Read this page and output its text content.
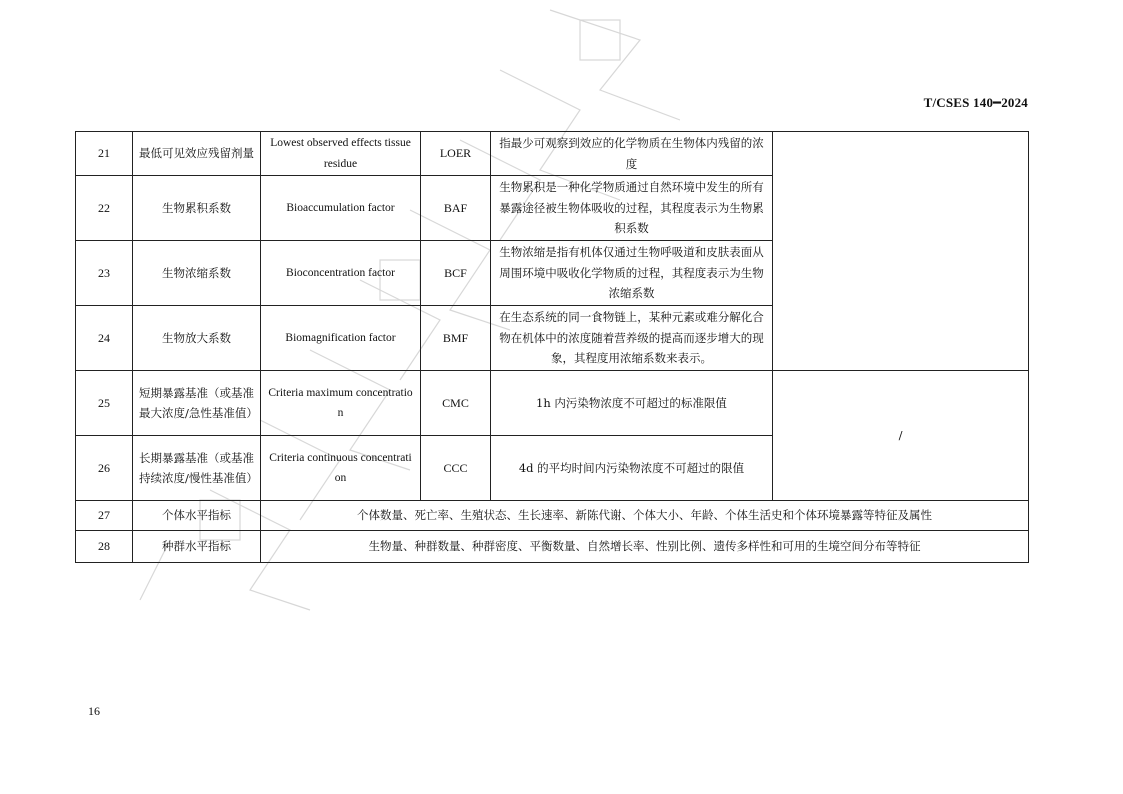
T/CSES 140━2024
21	最低可见效应残留剂量	Lowest observed effects tissue residue	LOER	指最少可观察到效应的化学物质在生物体内残留的浓度	
22	生物累积系数	Bioaccumulation factor	BAF	生物累积是一种化学物质通过自然环境中发生的所有暴露途径被生物体吸收的过程，其程度表示为生物累积系数	
23	生物浓缩系数	Bioconcentration factor	BCF	生物浓缩是指有机体仅通过生物呼吸道和皮肤表面从周围环境中吸收化学物质的过程，其程度表示为生物浓缩系数	
24	生物放大系数	Biomagnification factor	BMF	在生态系统的同一食物链上，某种元素或难分解化合物在机体中的浓度随着营养级的提高而逐步增大的现象，其程度用浓缩系数来表示。	
25	短期暴露基准（或基准最大浓度/急性基准值）	Criteria maximum concentration	CMC	1h 内污染物浓度不可超过的标准限值	/
26	长期暴露基准（或基准持续浓度/慢性基准值）	Criteria continuous concentration	CCC	4d 的平均时间内污染物浓度不可超过的限值	
27	个体水平指标	个体数量、死亡率、生殖状态、生长速率、新陈代谢、个体大小、年龄、个体生活史和个体环境暴露等特征及属性			
28	种群水平指标	生物量、种群数量、种群密度、平衡数量、自然增长率、性别比例、遗传多样性和可用的生境空间分布等特征			
16
